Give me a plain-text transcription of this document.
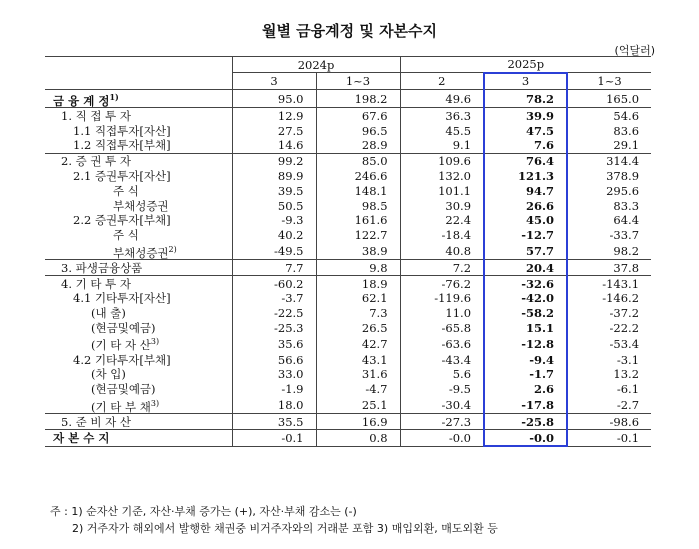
월별 금융계정 및 자본수지
(억달러)
	2024p		2025p		
	3	1~3	2	3	1~3
금 융 계 정$^{1)}$	95.0	198.2	49.6	78.2	165.0
1. 직 접 투 자	12.9	67.6	36.3	39.9	54.6
1.1 직접투자[자산]	27.5	96.5	45.5	47.5	83.6
1.2 직접투자[부채]	14.6	28.9	9.1	7.6	29.1
2. 증 권 투 자	99.2	85.0	109.6	76.4	314.4
2.1 증권투자[자산]	89.9	246.6	132.0	121.3	378.9
주 식	39.5	148.1	101.1	94.7	295.6
부채성증권	50.5	98.5	30.9	26.6	83.3
2.2 증권투자[부채]	-9.3	161.6	22.4	45.0	64.4
주 식	40.2	122.7	-18.4	-12.7	-33.7
부채성증권$^{2)}$	-49.5	38.9	40.8	57.7	98.2
3. 파생금융상품	7.7	9.8	7.2	20.4	37.8
4. 기 타 투 자	-60.2	18.9	-76.2	-32.6	-143.1
4.1 기타투자[자산]	-3.7	62.1	-119.6	-42.0	-146.2
(내 출)	-22.5	7.3	11.0	-58.2	-37.2
(현금및예금)	-25.3	26.5	-65.8	15.1	-22.2
(기 타 자 산$^{3)}$	35.6	42.7	-63.6	-12.8	-53.4
4.2 기타투자[부채]	56.6	43.1	-43.4	-9.4	-3.1
(차 입)	33.0	31.6	5.6	-1.7	13.2
(현금및예금)	-1.9	-4.7	-9.5	2.6	-6.1
(기 타 부 채$^{3)}$	18.0	25.1	-30.4	-17.8	-2.7
5. 준 비 자 산	35.5	16.9	-27.3	-25.8	-98.6
자 본 수 지	-0.1	0.8	-0.0	-0.0	-0.1
주 : 1) 순자산 기준, 자산·부채 증가는 (+), 자산·부채 감소는 (-)
2) 거주자가 해외에서 발행한 채권중 비거주자와의 거래분 포함 3) 매입외환, 매도외환 등
